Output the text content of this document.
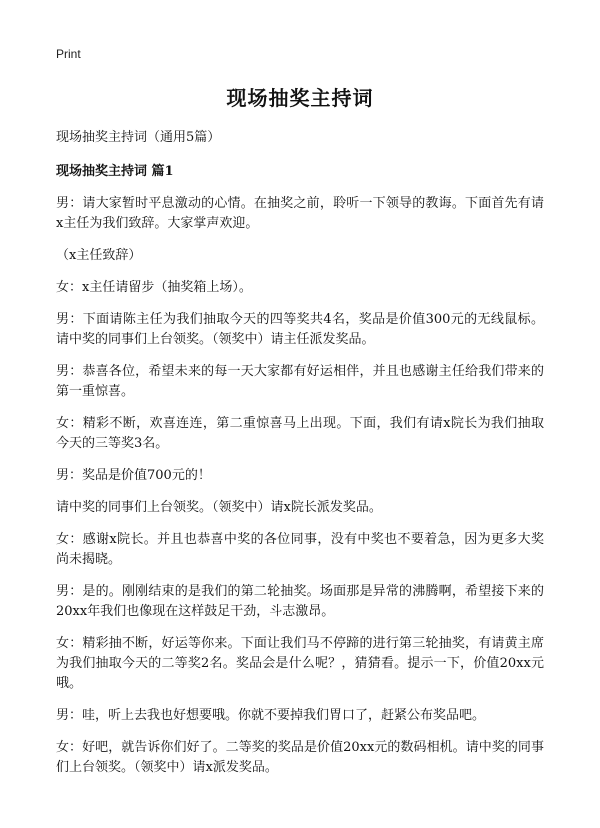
Print

现场抽奖主持词

现场抽奖主持词（通用5篇）

现场抽奖主持词 篇1

男：请大家暂时平息激动的心情。在抽奖之前，聆听一下领导的教诲。下面首先有请x主任为我们致辞。大家掌声欢迎。

（x主任致辞）

女：x主任请留步（抽奖箱上场）。

男：下面请陈主任为我们抽取今天的四等奖共4名，奖品是价值300元的无线鼠标。请中奖的同事们上台领奖。（领奖中）请主任派发奖品。

男：恭喜各位，希望未来的每一天大家都有好运相伴，并且也感谢主任给我们带来的第一重惊喜。

女：精彩不断，欢喜连连，第二重惊喜马上出现。下面，我们有请x院长为我们抽取今天的三等奖3名。

男：奖品是价值700元的！

请中奖的同事们上台领奖。（领奖中）请x院长派发奖品。

女：感谢x院长。并且也恭喜中奖的各位同事，没有中奖也不要着急，因为更多大奖尚未揭晓。

男：是的。刚刚结束的是我们的第二轮抽奖。场面那是异常的沸腾啊，希望接下来的20xx年我们也像现在这样鼓足干劲，斗志激昂。

女：精彩抽不断，好运等你来。下面让我们马不停蹄的进行第三轮抽奖，有请黄主席为我们抽取今天的二等奖2名。奖品会是什么呢？，猜猜看。提示一下，价值20xx元哦。

男：哇，听上去我也好想要哦。你就不要掉我们胃口了，赶紧公布奖品吧。

女：好吧，就告诉你们好了。二等奖的奖品是价值20xx元的数码相机。请中奖的同事们上台领奖。（领奖中）请x派发奖品。
